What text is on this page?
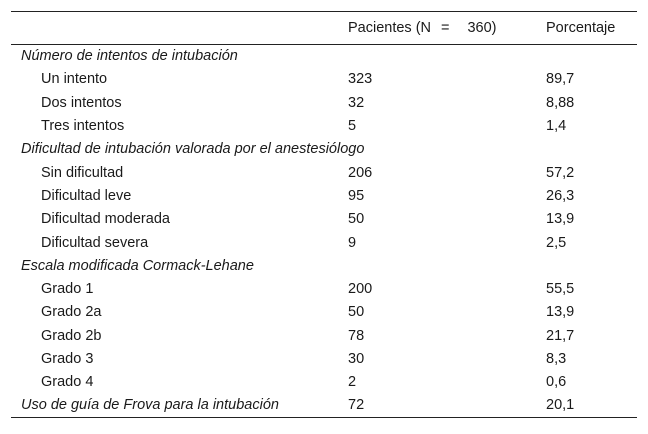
	Pacientes (N = 360)	Porcentaje
Número de intentos de intubación		
Un intento	323	89,7
Dos intentos	32	8,88
Tres intentos	5	1,4
Dificultad de intubación valorada por el anestesiólogo		
Sin dificultad	206	57,2
Dificultad leve	95	26,3
Dificultad moderada	50	13,9
Dificultad severa	9	2,5
Escala modificada Cormack-Lehane		
Grado 1	200	55,5
Grado 2a	50	13,9
Grado 2b	78	21,7
Grado 3	30	8,3
Grado 4	2	0,6
Uso de guía de Frova para la intubación	72	20,1
